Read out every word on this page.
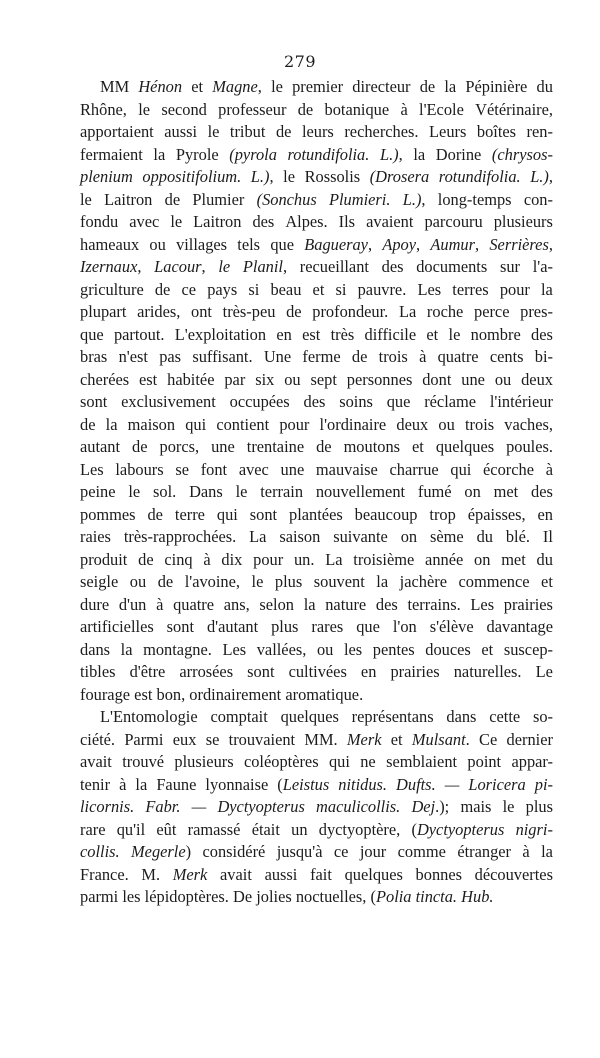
279
MM Hénon et Magne, le premier directeur de la Pépinière du
Rhône, le second professeur de botanique à l'Ecole Vétérinaire,
apportaient aussi le tribut de leurs recherches. Leurs boîtes ren-
fermaient la Pyrole (pyrola rotundifolia. L.), la Dorine (chrysos-
plenium oppositifolium. L.), le Rossolis (Drosera rotundifolia. L.),
le Laitron de Plumier (Sonchus Plumieri. L.), long-temps con-
fondu avec le Laitron des Alpes. Ils avaient parcouru plusieurs
hameaux ou villages tels que Bagueray, Apoy, Aumur, Serrières,
Izernaux, Lacour, le Planil, recueillant des documents sur l'a-
griculture de ce pays si beau et si pauvre. Les terres pour la
plupart arides, ont très-peu de profondeur. La roche perce pres-
que partout. L'exploitation en est très difficile et le nombre des
bras n'est pas suffisant. Une ferme de trois à quatre cents bi-
cherées est habitée par six ou sept personnes dont une ou deux
sont exclusivement occupées des soins que réclame l'intérieur
de la maison qui contient pour l'ordinaire deux ou trois vaches,
autant de porcs, une trentaine de moutons et quelques poules.
Les labours se font avec une mauvaise charrue qui écorche à
peine le sol. Dans le terrain nouvellement fumé on met des
pommes de terre qui sont plantées beaucoup trop épaisses, en
raies très-rapprochées. La saison suivante on sème du blé. Il
produit de cinq à dix pour un. La troisième année on met du
seigle ou de l'avoine, le plus souvent la jachère commence et
dure d'un à quatre ans, selon la nature des terrains. Les prairies
artificielles sont d'autant plus rares que l'on s'élève davantage
dans la montagne. Les vallées, ou les pentes douces et suscep-
tibles d'être arrosées sont cultivées en prairies naturelles. Le
fourage est bon, ordinairement aromatique.
L'Entomologie comptait quelques représentans dans cette so-
ciété. Parmi eux se trouvaient MM. Merk et Mulsant. Ce dernier
avait trouvé plusieurs coléoptères qui ne semblaient point appar-
tenir à la Faune lyonnaise (Leistus nitidus. Dufts. — Loricera pi-
licornis. Fabr. — Dyctyopterus maculicollis. Dej.); mais le plus
rare qu'il eût ramassé était un dyctyoptère, (Dyctyopterus nigri-
collis. Megerle) considéré jusqu'à ce jour comme étranger à la
France. M. Merk avait aussi fait quelques bonnes découvertes
parmi les lépidoptères. De jolies noctuelles, (Polia tincta. Hub.
